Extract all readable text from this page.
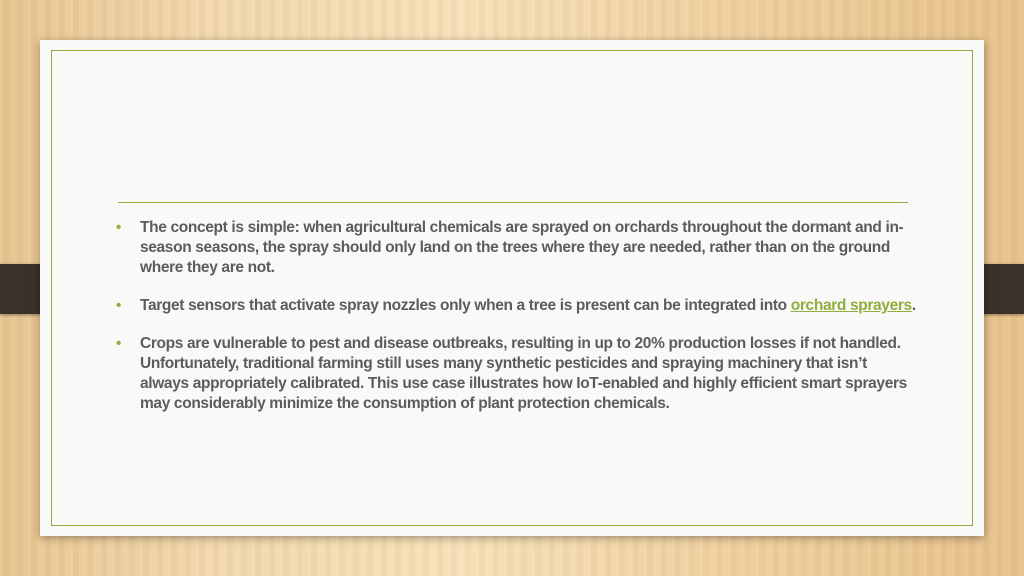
• The concept is simple: when agricultural chemicals are sprayed on orchards throughout the dormant and in-season seasons, the spray should only land on the trees where they are needed, rather than on the ground where they are not.
• Target sensors that activate spray nozzles only when a tree is present can be integrated into orchard sprayers.
• Crops are vulnerable to pest and disease outbreaks, resulting in up to 20% production losses if not handled. Unfortunately, traditional farming still uses many synthetic pesticides and spraying machinery that isn’t always appropriately calibrated. This use case illustrates how IoT-enabled and highly efficient smart sprayers may considerably minimize the consumption of plant protection chemicals.
